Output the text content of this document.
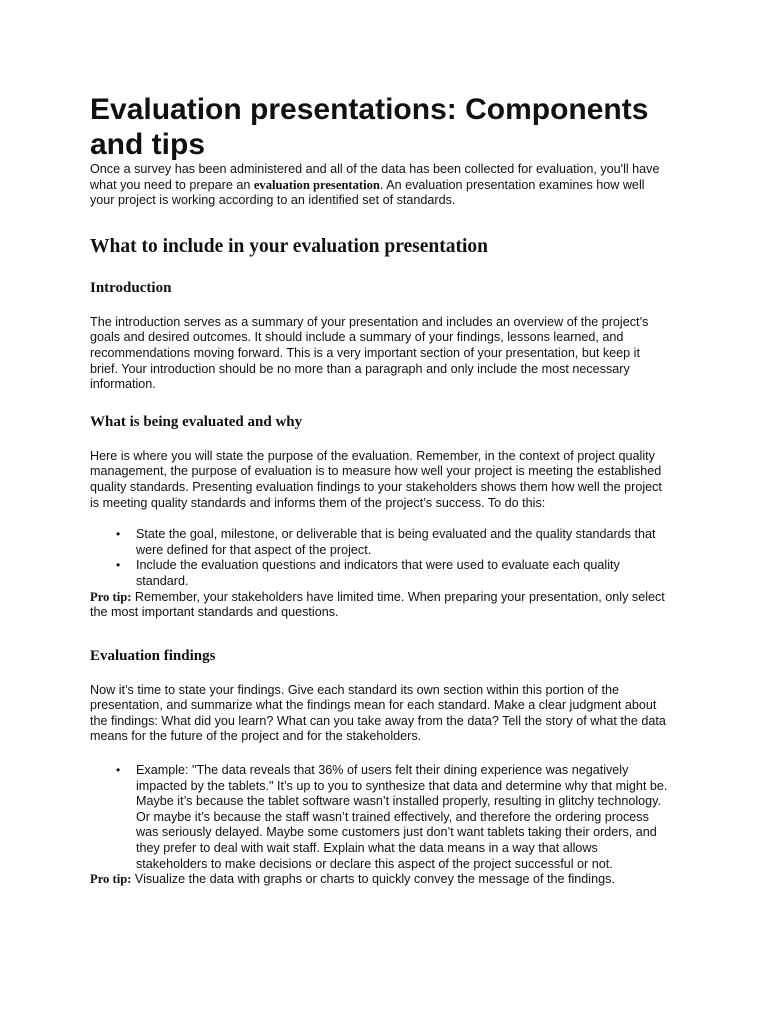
Evaluation presentations: Components and tips

Once a survey has been administered and all of the data has been collected for evaluation, you'll have what you need to prepare an evaluation presentation. An evaluation presentation examines how well your project is working according to an identified set of standards.

What to include in your evaluation presentation
Introduction

The introduction serves as a summary of your presentation and includes an overview of the project’s goals and desired outcomes. It should include a summary of your findings, lessons learned, and recommendations moving forward. This is a very important section of your presentation, but keep it brief. Your introduction should be no more than a paragraph and only include the most necessary information.

What is being evaluated and why

Here is where you will state the purpose of the evaluation. Remember, in the context of project quality management, the purpose of evaluation is to measure how well your project is meeting the established quality standards. Presenting evaluation findings to your stakeholders shows them how well the project is meeting quality standards and informs them of the project’s success. To do this:

• State the goal, milestone, or deliverable that is being evaluated and the quality standards that were defined for that aspect of the project.
• Include the evaluation questions and indicators that were used to evaluate each quality standard.

Pro tip: Remember, your stakeholders have limited time. When preparing your presentation, only select the most important standards and questions.

Evaluation findings

Now it’s time to state your findings. Give each standard its own section within this portion of the presentation, and summarize what the findings mean for each standard. Make a clear judgment about the findings: What did you learn? What can you take away from the data? Tell the story of what the data means for the future of the project and for the stakeholders.

• Example: "The data reveals that 36% of users felt their dining experience was negatively impacted by the tablets." It’s up to you to synthesize that data and determine why that might be. Maybe it’s because the tablet software wasn’t installed properly, resulting in glitchy technology. Or maybe it’s because the staff wasn’t trained effectively, and therefore the ordering process was seriously delayed. Maybe some customers just don’t want tablets taking their orders, and they prefer to deal with wait staff. Explain what the data means in a way that allows stakeholders to make decisions or declare this aspect of the project successful or not.

Pro tip: Visualize the data with graphs or charts to quickly convey the message of the findings.
